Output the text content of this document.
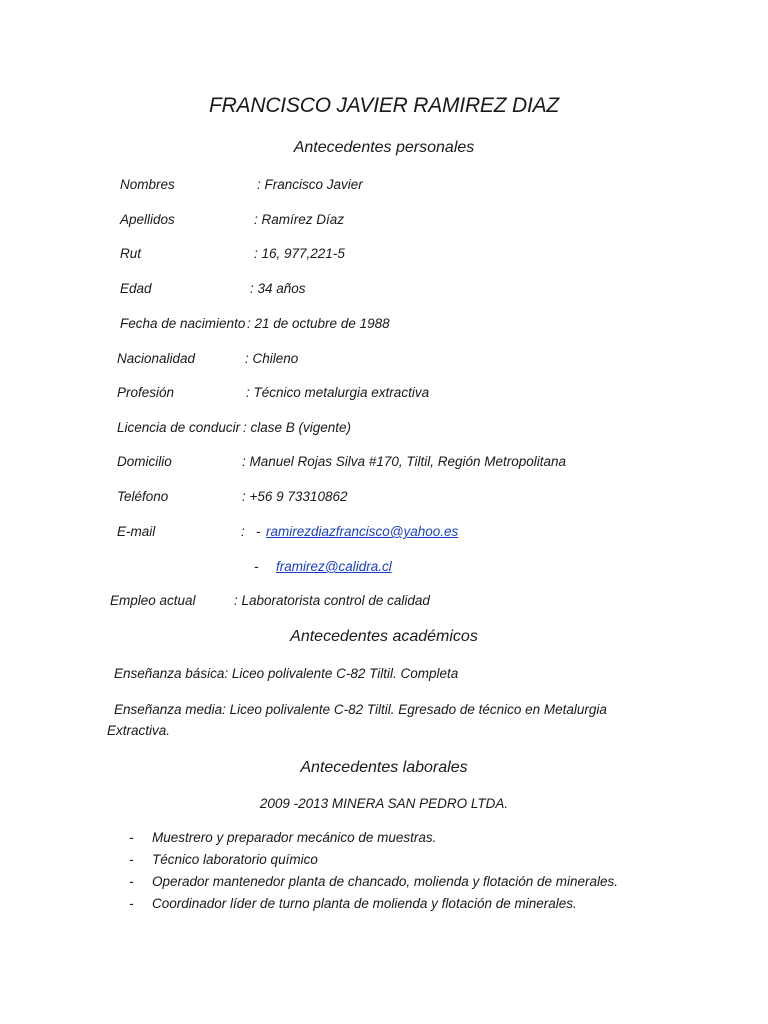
FRANCISCO JAVIER RAMIREZ DIAZ
Antecedentes personales
Nombres	: Francisco Javier
Apellidos	: Ramírez Díaz
Rut	: 16, 977,221-5
Edad	: 34 años
Fecha de nacimiento : 21 de octubre de 1988
Nacionalidad	: Chileno
Profesión	: Técnico metalurgia extractiva
Licencia de conducir : clase B (vigente)
Domicilio	: Manuel Rojas Silva #170, Tiltil, Región Metropolitana
Teléfono	: +56 9 73310862
E-mail	:   - ramirezdiazfrancisco@yahoo.es
- framirez@calidra.cl
Empleo actual	: Laboratorista control de calidad
Antecedentes académicos
Enseñanza básica: Liceo polivalente C-82 Tiltil. Completa
Enseñanza media: Liceo polivalente C-82 Tiltil. Egresado de técnico en Metalurgia
Extractiva.
Antecedentes laborales
2009 -2013 MINERA SAN PEDRO LTDA.
- Muestrero y preparador mecánico de muestras.
- Técnico laboratorio químico
- Operador mantenedor planta de chancado, molienda y flotación de minerales.
- Coordinador líder de turno planta de molienda y flotación de minerales.
